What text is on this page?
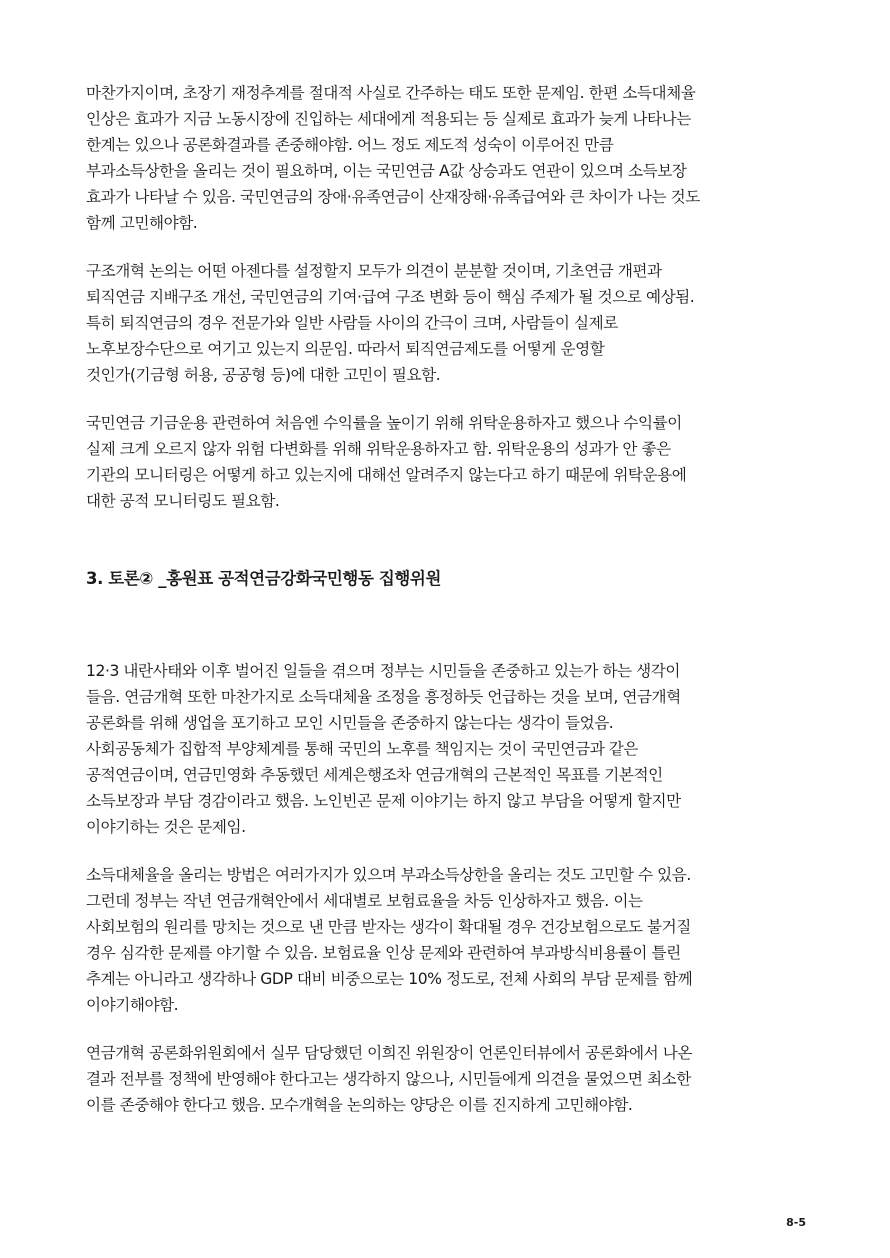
마찬가지이며, 초장기 재정추계를 절대적 사실로 간주하는 태도 또한 문제임. 한편 소득대체율
인상은 효과가 지금 노동시장에 진입하는 세대에게 적용되는 등 실제로 효과가 늦게 나타나는
한계는 있으나 공론화결과를 존중해야함. 어느 정도 제도적 성숙이 이루어진 만큼
부과소득상한을 올리는 것이 필요하며, 이는 국민연금 A값 상승과도 연관이 있으며 소득보장
효과가 나타날 수 있음. 국민연금의 장애·유족연금이 산재장해·유족급여와 큰 차이가 나는 것도
함께 고민해야함.
구조개혁 논의는 어떤 아젠다를 설정할지 모두가 의견이 분분할 것이며, 기초연금 개편과
퇴직연금 지배구조 개선, 국민연금의 기여·급여 구조 변화 등이 핵심 주제가 될 것으로 예상됨.
특히 퇴직연금의 경우 전문가와 일반 사람들 사이의 간극이 크며, 사람들이 실제로
노후보장수단으로 여기고 있는지 의문임. 따라서 퇴직연금제도를 어떻게 운영할
것인가(기금형 허용, 공공형 등)에 대한 고민이 필요함.
국민연금 기금운용 관련하여 처음엔 수익률을 높이기 위해 위탁운용하자고 했으나 수익률이
실제 크게 오르지 않자 위험 다변화를 위해 위탁운용하자고 함. 위탁운용의 성과가 안 좋은
기관의 모니터링은 어떻게 하고 있는지에 대해선 알려주지 않는다고 하기 때문에 위탁운용에
대한 공적 모니터링도 필요함.
3. 토론② _홍원표 공적연금강화국민행동 집행위원
12·3 내란사태와 이후 벌어진 일들을 겪으며 정부는 시민들을 존중하고 있는가 하는 생각이
들음. 연금개혁 또한 마찬가지로 소득대체율 조정을 흥정하듯 언급하는 것을 보며, 연금개혁
공론화를 위해 생업을 포기하고 모인 시민들을 존중하지 않는다는 생각이 들었음.
사회공동체가 집합적 부양체계를 통해 국민의 노후를 책임지는 것이 국민연금과 같은
공적연금이며, 연금민영화 추동했던 세계은행조차 연금개혁의 근본적인 목표를 기본적인
소득보장과 부담 경감이라고 했음. 노인빈곤 문제 이야기는 하지 않고 부담을 어떻게 할지만
이야기하는 것은 문제임.
소득대체율을 올리는 방법은 여러가지가 있으며 부과소득상한을 올리는 것도 고민할 수 있음.
그런데 정부는 작년 연금개혁안에서 세대별로 보험료율을 차등 인상하자고 했음. 이는
사회보험의 원리를 망치는 것으로 낸 만큼 받자는 생각이 확대될 경우 건강보험으로도 불거질
경우 심각한 문제를 야기할 수 있음. 보험료율 인상 문제와 관련하여 부과방식비용률이 틀린
추계는 아니라고 생각하나 GDP 대비 비중으로는 10% 정도로, 전체 사회의 부담 문제를 함께
이야기해야함.
연금개혁 공론화위원회에서 실무 담당했던 이희진 위원장이 언론인터뷰에서 공론화에서 나온
결과 전부를 정책에 반영해야 한다고는 생각하지 않으나, 시민들에게 의견을 물었으면 최소한
이를 존중해야 한다고 했음. 모수개혁을 논의하는 양당은 이를 진지하게 고민해야함.
8-5
